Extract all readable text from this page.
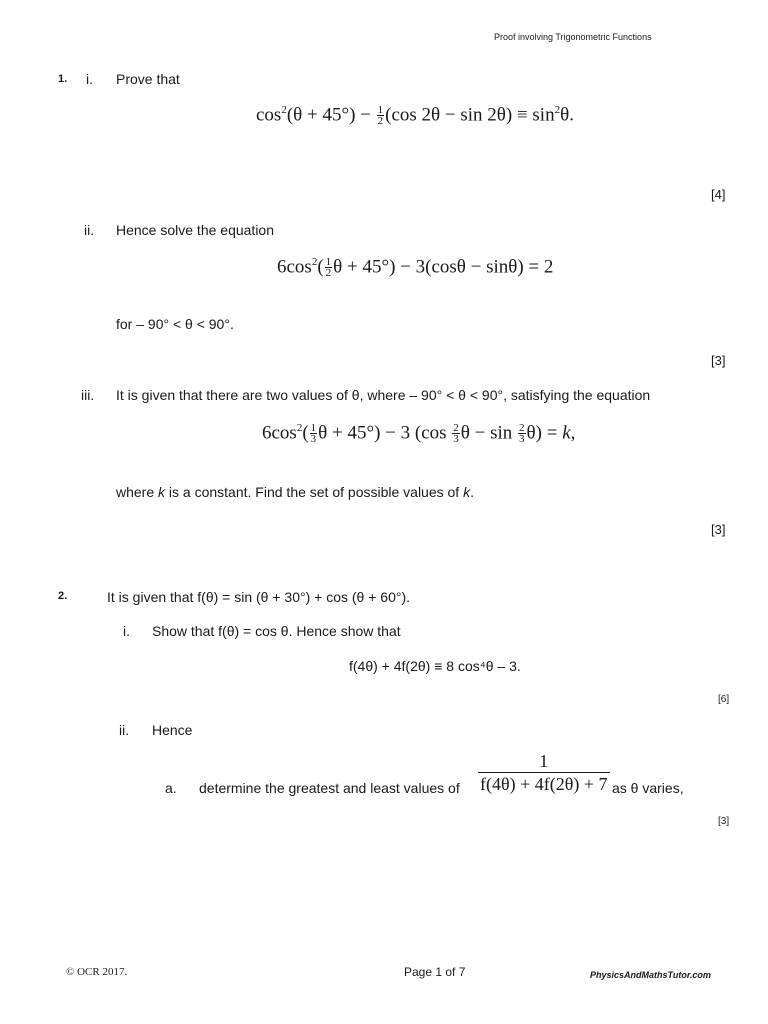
Proof involving Trigonometric Functions
1. i. Prove that
$\cos^2(\theta + 45^\circ) - \frac{1}{2} (\cos$ $2\theta - \sin 2\theta) \equiv \sin^2\theta$.
[4]
ii. Hence solve the equation
$6\cos^2( \frac{1}{2}$ θ + 45°) − 3(cosθ − sinθ) = 2
for – 90° < θ < 90°.
[3]
iii. It is given that there are two values of θ, where – 90° < θ < 90°, satisfying the equation
$6\cos^2( \frac{1}{3}$ θ + 45°) − 3 ($\cos \frac{2}{3}$ $\theta - \sin \frac{2}{3} \theta) = k$,
where k is a constant. Find the set of possible values of k.
[3]
2.	It is given that f(θ) = sin (θ + 30°) + cos (θ + 60°).
i. Show that f(θ) = cos θ. Hence show that
f(4θ) + 4f(2θ) ≡ 8 cos⁴θ – 3.
[6]
ii. Hence
a. determine the greatest and least values of $\frac{1}{f(4\theta) + 4f(2\theta) + 7}$ as θ varies,
[3]
© OCR 2017.	Page 1 of 7	PhysicsAndMathsTutor.com
